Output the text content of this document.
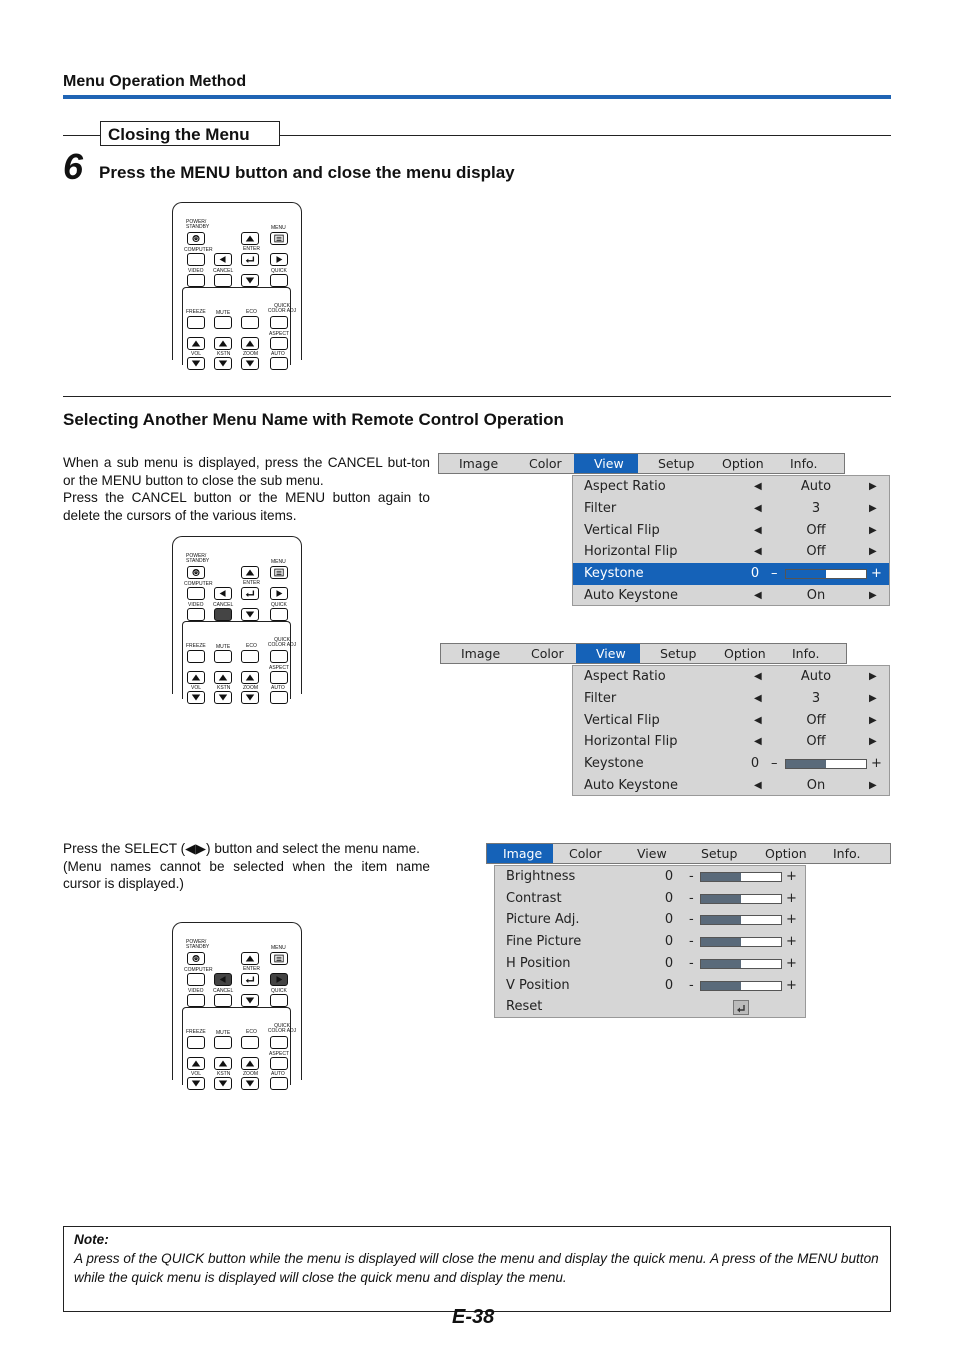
Menu Operation Method
Closing the Menu
6 Press the MENU button and close the menu display
POWER/ STANDBY	MENU
COMPUTER	ENTER
VIDEO CANCEL	QUICK
FREEZE MUTE	ECO
QUICK COLOR ADJ
ASPECT
VOL	KSTN	ZOOM	AUTO
Selecting Another Menu Name with Remote Control Operation

When a sub menu is displayed, press the CANCEL but-ton or the MENU button to close the sub menu.

Press the CANCEL button or the MENU button again to delete the cursors of the various items.

POWER/ STANDBY	MENU
COMPUTER	ENTER
VIDEO CANCEL	QUICK
FREEZE MUTE	ECO
QUICK COLOR ADJ
ASPECT
VOL	KSTN	ZOOM	AUTO
Image	Color	View	Setup	Option	Info.
Aspect Ratio	◀	Auto	▶
Filter	◀	3	▶
Vertical Flip	◀	Off	▶
Horizontal Flip	◀	Off	▶
Keystone	0 –	+
Auto Keystone	◀	On	▶
Image	Color	View	Setup	Option	Info.
Aspect Ratio	◀	Auto	▶
Filter	◀	3	▶
Vertical Flip	◀	Off	▶
Horizontal Flip	◀	Off	▶
Keystone	0 –	+
Auto Keystone	◀	On	▶

Press the SELECT (◀▶) button and select the menu name.

(Menu names cannot be selected when the item name cursor is displayed.)

Image	Color	View	Setup	Option	Info.
Brightness	0	-	+
Contrast	0	-	+
Picture Adj.	0	-	+
Fine Picture	0	-	+
H Position	0	-	+
V Position	0	-	+
Reset
POWER/ STANDBY	MENU
COMPUTER	ENTER
VIDEO CANCEL	QUICK
FREEZE MUTE	ECO
QUICK COLOR ADJ
ASPECT
VOL	KSTN	ZOOM	AUTO
Note:
A press of the QUICK button while the menu is displayed will close the menu and display the quick menu. A press of the MENU button while the quick menu is displayed will close the quick menu and display the menu.
E-38
